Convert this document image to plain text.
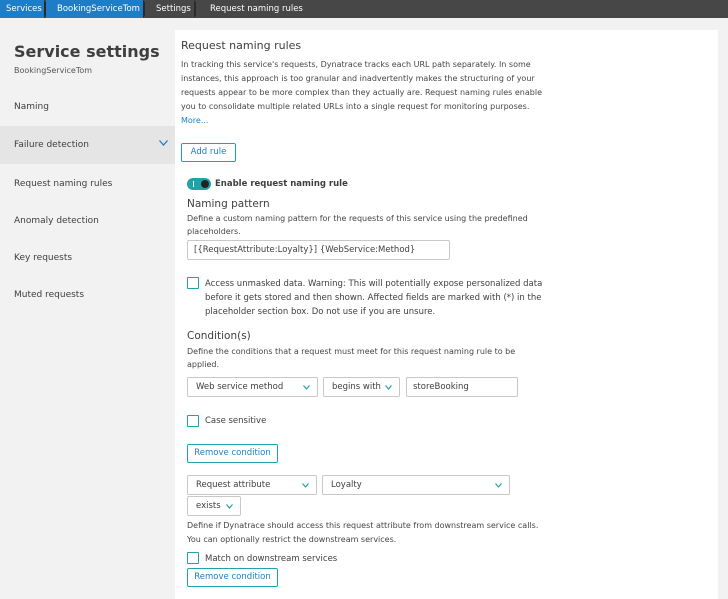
Services BookingServiceTom Settings Request naming rules
Service settings
BookingServiceTom
Naming
Failure detection
Request naming rules
Anomaly detection
Key requests
Muted requests
Request naming rules
In tracking this service's requests, Dynatrace tracks each URL path separately. In some
instances, this approach is too granular and inadvertently makes the structuring of your
requests appear to be more complex than they actually are. Request naming rules enable
you to consolidate multiple related URLs into a single request for monitoring purposes.
More...
Add rule
Enable request naming rule
Naming pattern
Define a custom naming pattern for the requests of this service using the predefined
placeholders.
[{RequestAttribute:Loyalty}] {WebService:Method}
Access unmasked data. Warning: This will potentially expose personalized data
before it gets stored and then shown. Affected fields are marked with (*) in the
placeholder section box. Do not use if you are unsure.
Condition(s)
Define the conditions that a request must meet for this request naming rule to be
applied.
Web service method	begins with	storeBooking
Case sensitive
Remove condition
Request attribute	Loyalty
exists
Define if Dynatrace should access this request attribute from downstream service calls.
You can optionally restrict the downstream services.
Match on downstream services
Remove condition
